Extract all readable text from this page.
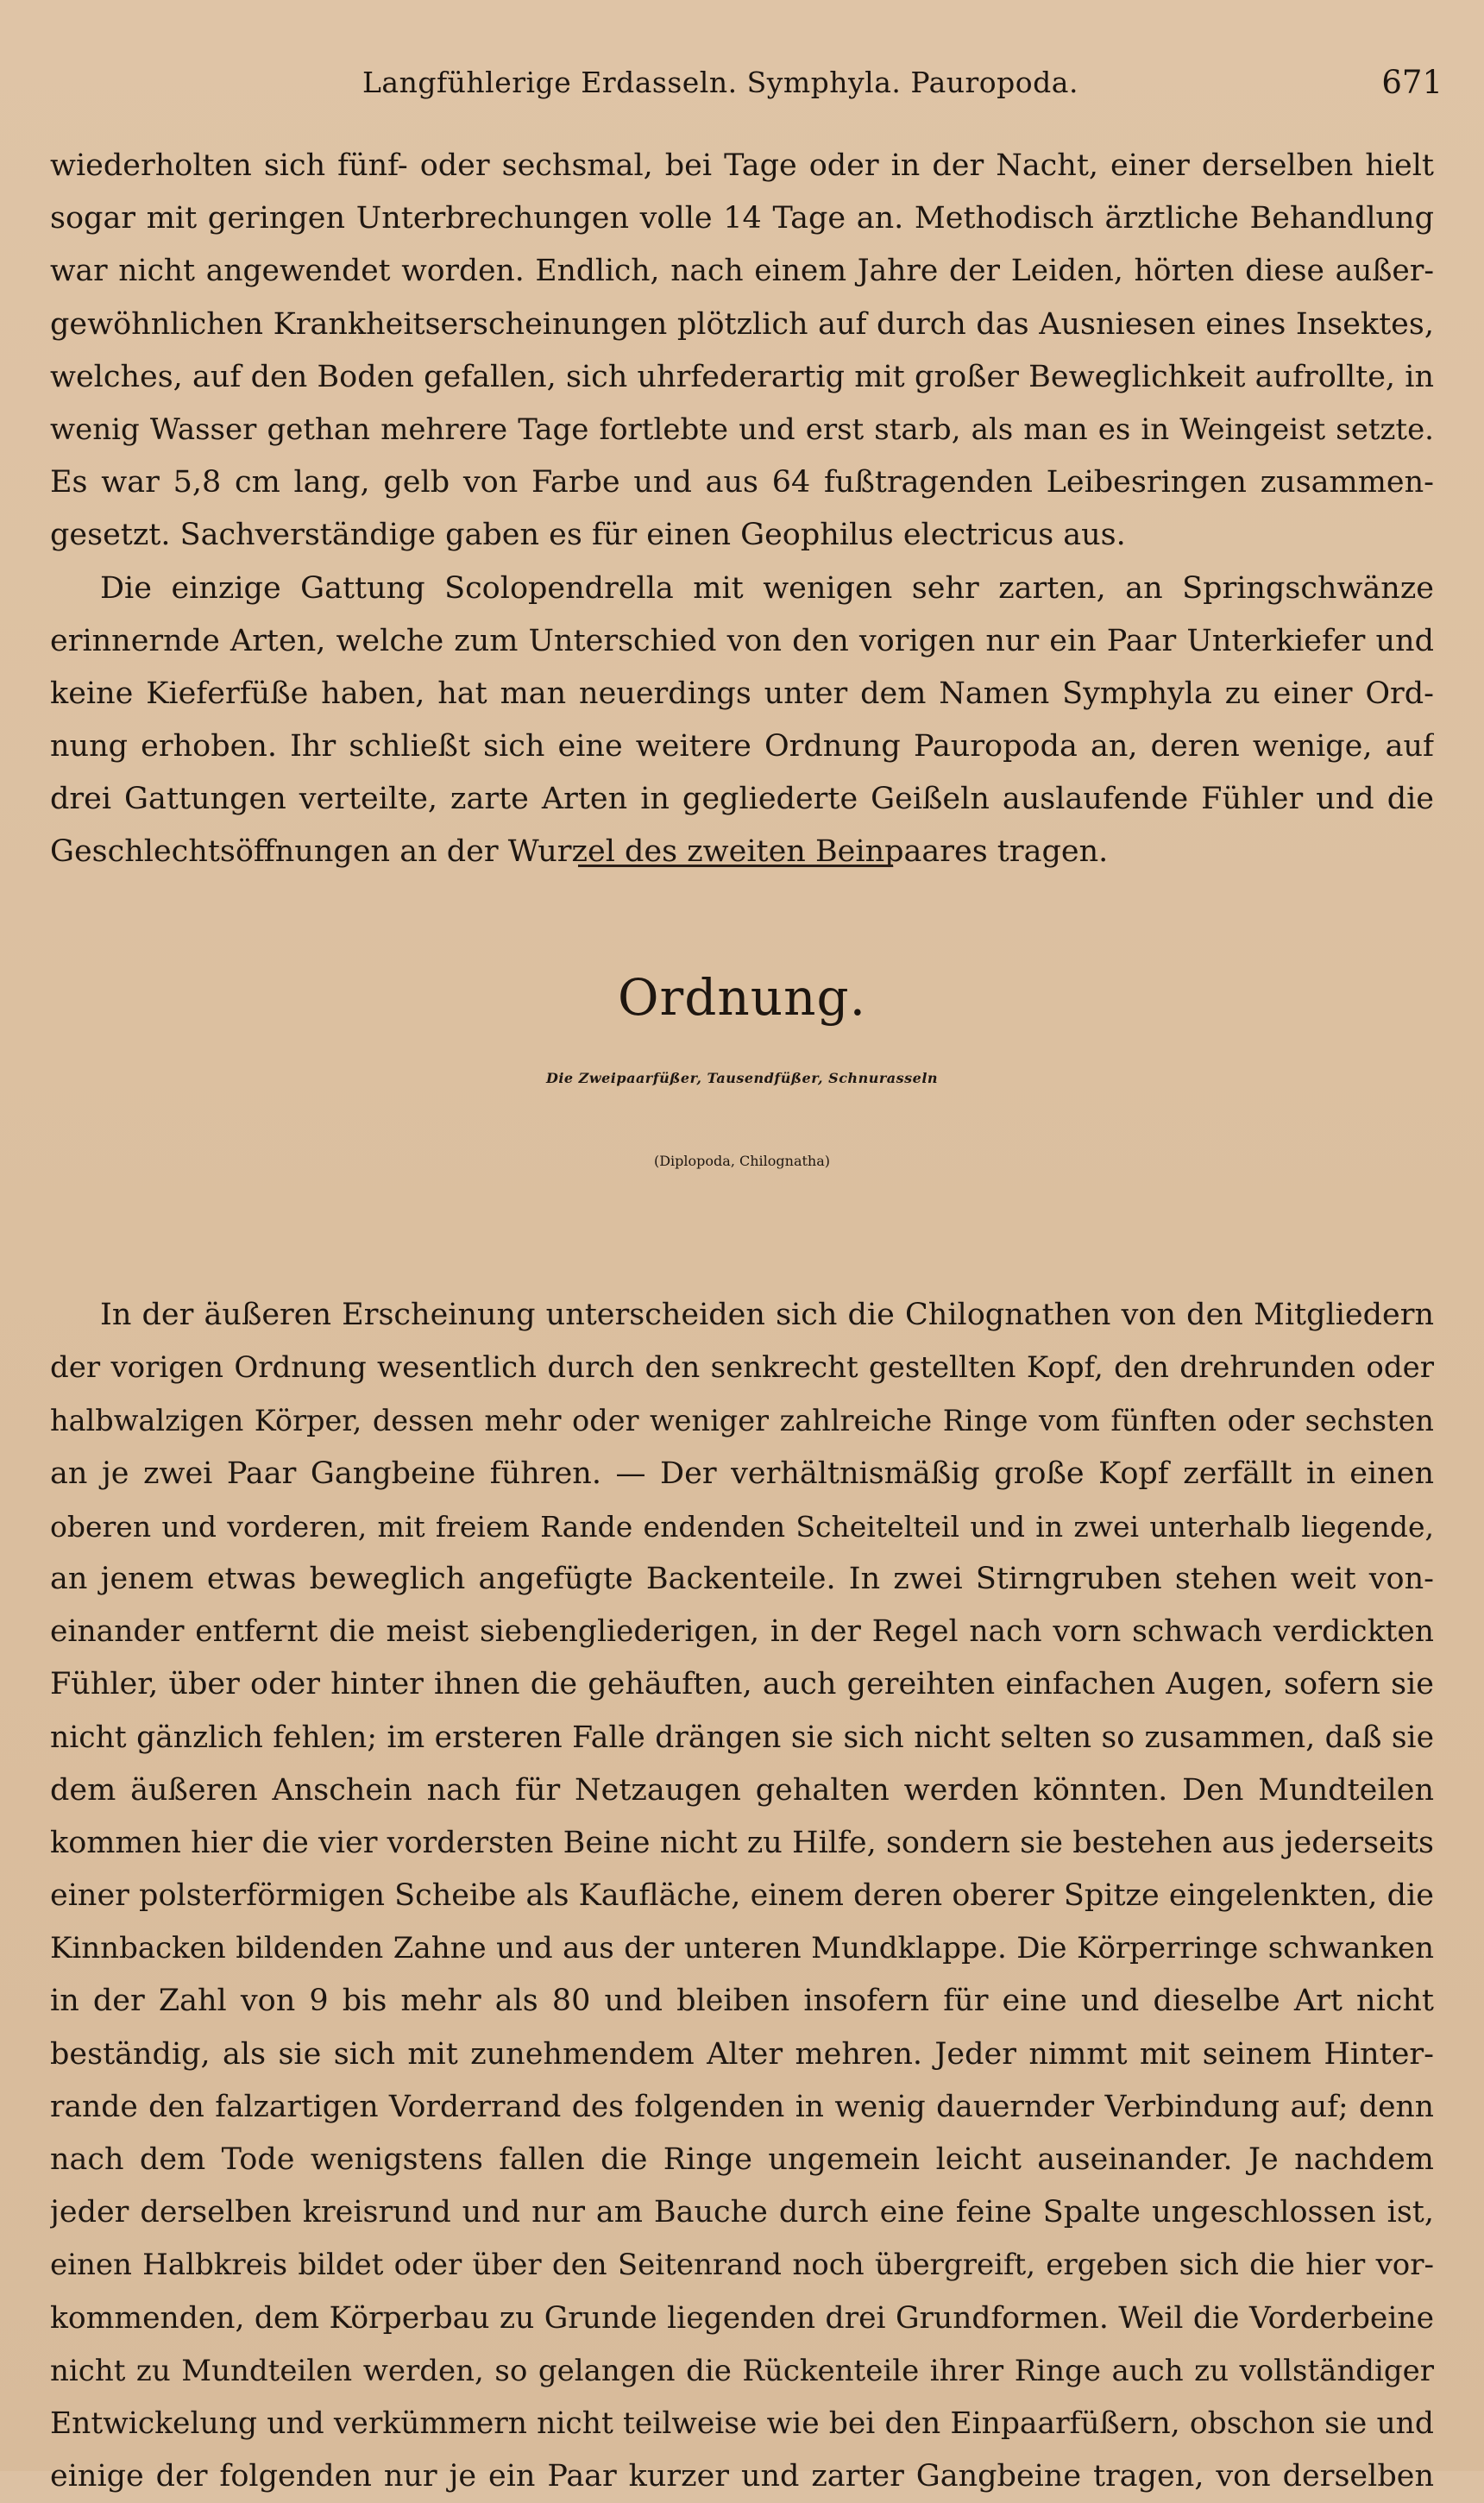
Langfühlerige Erdasseln. Symphyla. Pauropoda.	671
wiederholten sich fünf- oder sechsmal, bei Tage oder in der Nacht, einer derselben hielt
sogar mit geringen Unterbrechungen volle 14 Tage an. Methodisch ärztliche Behandlung
war nicht angewendet worden. Endlich, nach einem Jahre der Leiden, hörten diese außer-
gewöhnlichen Krankheitserscheinungen plötzlich auf durch das Ausniesen eines Insektes,
welches, auf den Boden gefallen, sich uhrfederartig mit großer Beweglichkeit aufrollte, in
wenig Wasser gethan mehrere Tage fortlebte und erst starb, als man es in Weingeist setzte.
Es war 5,8 cm lang, gelb von Farbe und aus 64 fußtragenden Leibesringen zusammen-
gesetzt. Sachverständige gaben es für einen Geophilus electricus aus.
Die einzige Gattung Scolopendrella mit wenigen sehr zarten, an Springschwänze
erinnernde Arten, welche zum Unterschied von den vorigen nur ein Paar Unterkiefer und
keine Kieferfüße haben, hat man neuerdings unter dem Namen Symphyla zu einer Ord-
nung erhoben. Ihr schließt sich eine weitere Ordnung Pauropoda an, deren wenige, auf
drei Gattungen verteilte, zarte Arten in gegliederte Geißeln auslaufende Fühler und die
Geschlechtsöffnungen an der Wurzel des zweiten Beinpaares tragen.
Ordnung.
Die Zweipaarfüßer, Tausendfüßer, Schnurasseln
(Diplopoda, Chilognatha)
In der äußeren Erscheinung unterscheiden sich die Chilognathen von den Mitgliedern
der vorigen Ordnung wesentlich durch den senkrecht gestellten Kopf, den drehrunden oder
halbwalzigen Körper, dessen mehr oder weniger zahlreiche Ringe vom fünften oder sechsten
an je zwei Paar Gangbeine führen. — Der verhältnismäßig große Kopf zerfällt in einen
oberen und vorderen, mit freiem Rande endenden Scheitelteil und in zwei unterhalb liegende,
an jenem etwas beweglich angefügte Backenteile. In zwei Stirngruben stehen weit von-
einander entfernt die meist siebengliederigen, in der Regel nach vorn schwach verdickten
Fühler, über oder hinter ihnen die gehäuften, auch gereihten einfachen Augen, sofern sie
nicht gänzlich fehlen; im ersteren Falle drängen sie sich nicht selten so zusammen, daß sie
dem äußeren Anschein nach für Netzaugen gehalten werden könnten. Den Mundteilen
kommen hier die vier vordersten Beine nicht zu Hilfe, sondern sie bestehen aus jederseits
einer polsterförmigen Scheibe als Kaufläche, einem deren oberer Spitze eingelenkten, die
Kinnbacken bildenden Zahne und aus der unteren Mundklappe. Die Körperringe schwanken
in der Zahl von 9 bis mehr als 80 und bleiben insofern für eine und dieselbe Art nicht
beständig, als sie sich mit zunehmendem Alter mehren. Jeder nimmt mit seinem Hinter-
rande den falzartigen Vorderrand des folgenden in wenig dauernder Verbindung auf; denn
nach dem Tode wenigstens fallen die Ringe ungemein leicht auseinander. Je nachdem
jeder derselben kreisrund und nur am Bauche durch eine feine Spalte ungeschlossen ist,
einen Halbkreis bildet oder über den Seitenrand noch übergreift, ergeben sich die hier vor-
kommenden, dem Körperbau zu Grunde liegenden drei Grundformen. Weil die Vorderbeine
nicht zu Mundteilen werden, so gelangen die Rückenteile ihrer Ringe auch zu vollständiger
Entwickelung und verkümmern nicht teilweise wie bei den Einpaarfüßern, obschon sie und
einige der folgenden nur je ein Paar kurzer und zarter Gangbeine tragen, von derselben
